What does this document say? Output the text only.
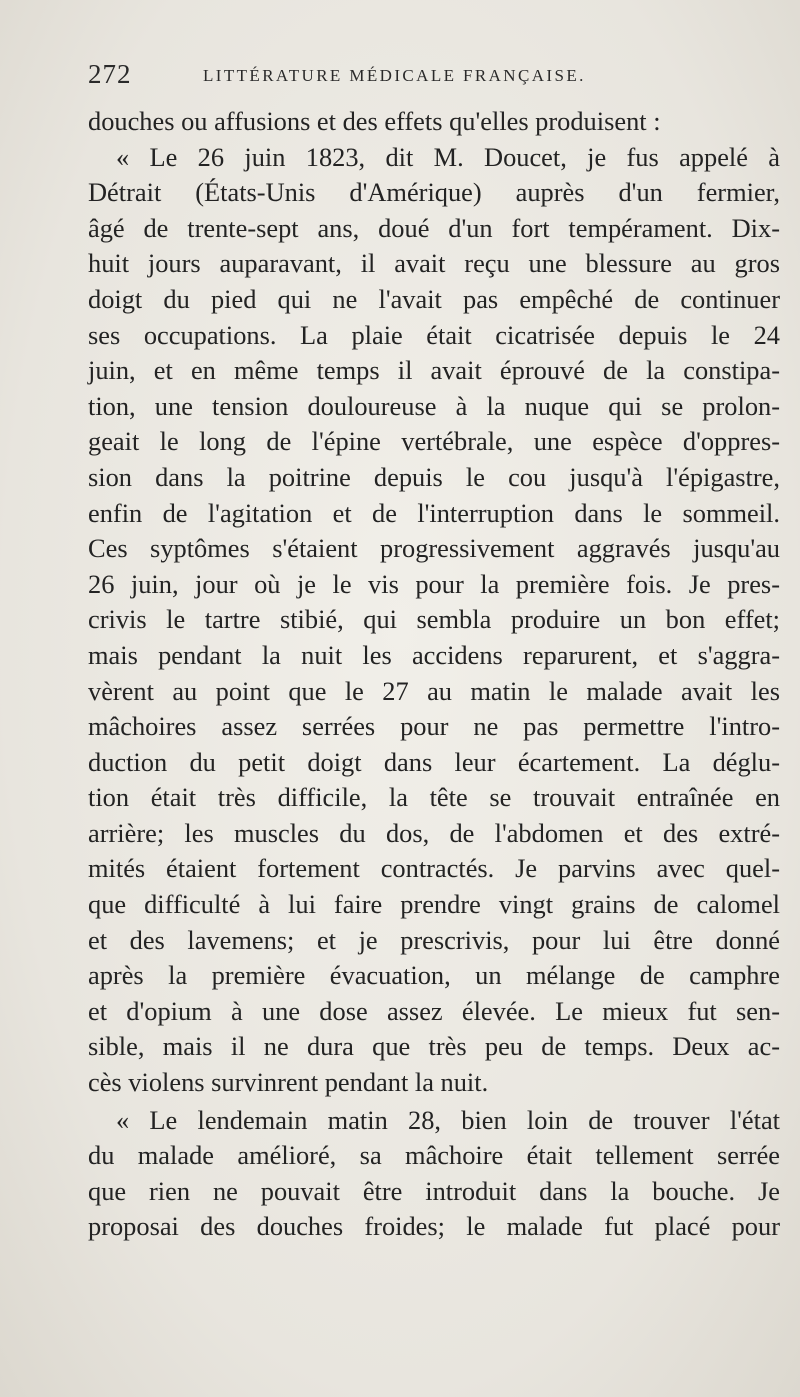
272	LITTÉRATURE MÉDICALE FRANÇAISE.
douches ou affusions et des effets qu'elles produisent :
« Le 26 juin 1823, dit M. Doucet, je fus appelé à
Détrait (États-Unis d'Amérique) auprès d'un fermier,
âgé de trente-sept ans, doué d'un fort tempérament. Dix-
huit jours auparavant, il avait reçu une blessure au gros
doigt du pied qui ne l'avait pas empêché de continuer
ses occupations. La plaie était cicatrisée depuis le 24
juin, et en même temps il avait éprouvé de la constipa-
tion, une tension douloureuse à la nuque qui se prolon-
geait le long de l'épine vertébrale, une espèce d'oppres-
sion dans la poitrine depuis le cou jusqu'à l'épigastre,
enfin de l'agitation et de l'interruption dans le sommeil.
Ces syptômes s'étaient progressivement aggravés jusqu'au
26 juin, jour où je le vis pour la première fois. Je pres-
crivis le tartre stibié, qui sembla produire un bon effet;
mais pendant la nuit les accidens reparurent, et s'aggra-
vèrent au point que le 27 au matin le malade avait les
mâchoires assez serrées pour ne pas permettre l'intro-
duction du petit doigt dans leur écartement. La déglu-
tion était très difficile, la tête se trouvait entraînée en
arrière; les muscles du dos, de l'abdomen et des extré-
mités étaient fortement contractés. Je parvins avec quel-
que difficulté à lui faire prendre vingt grains de calomel
et des lavemens; et je prescrivis, pour lui être donné
après la première évacuation, un mélange de camphre
et d'opium à une dose assez élevée. Le mieux fut sen-
sible, mais il ne dura que très peu de temps. Deux ac-
cès violens survinrent pendant la nuit.
« Le lendemain matin 28, bien loin de trouver l'état
du malade amélioré, sa mâchoire était tellement serrée
que rien ne pouvait être introduit dans la bouche. Je
proposai des douches froides; le malade fut placé pour
